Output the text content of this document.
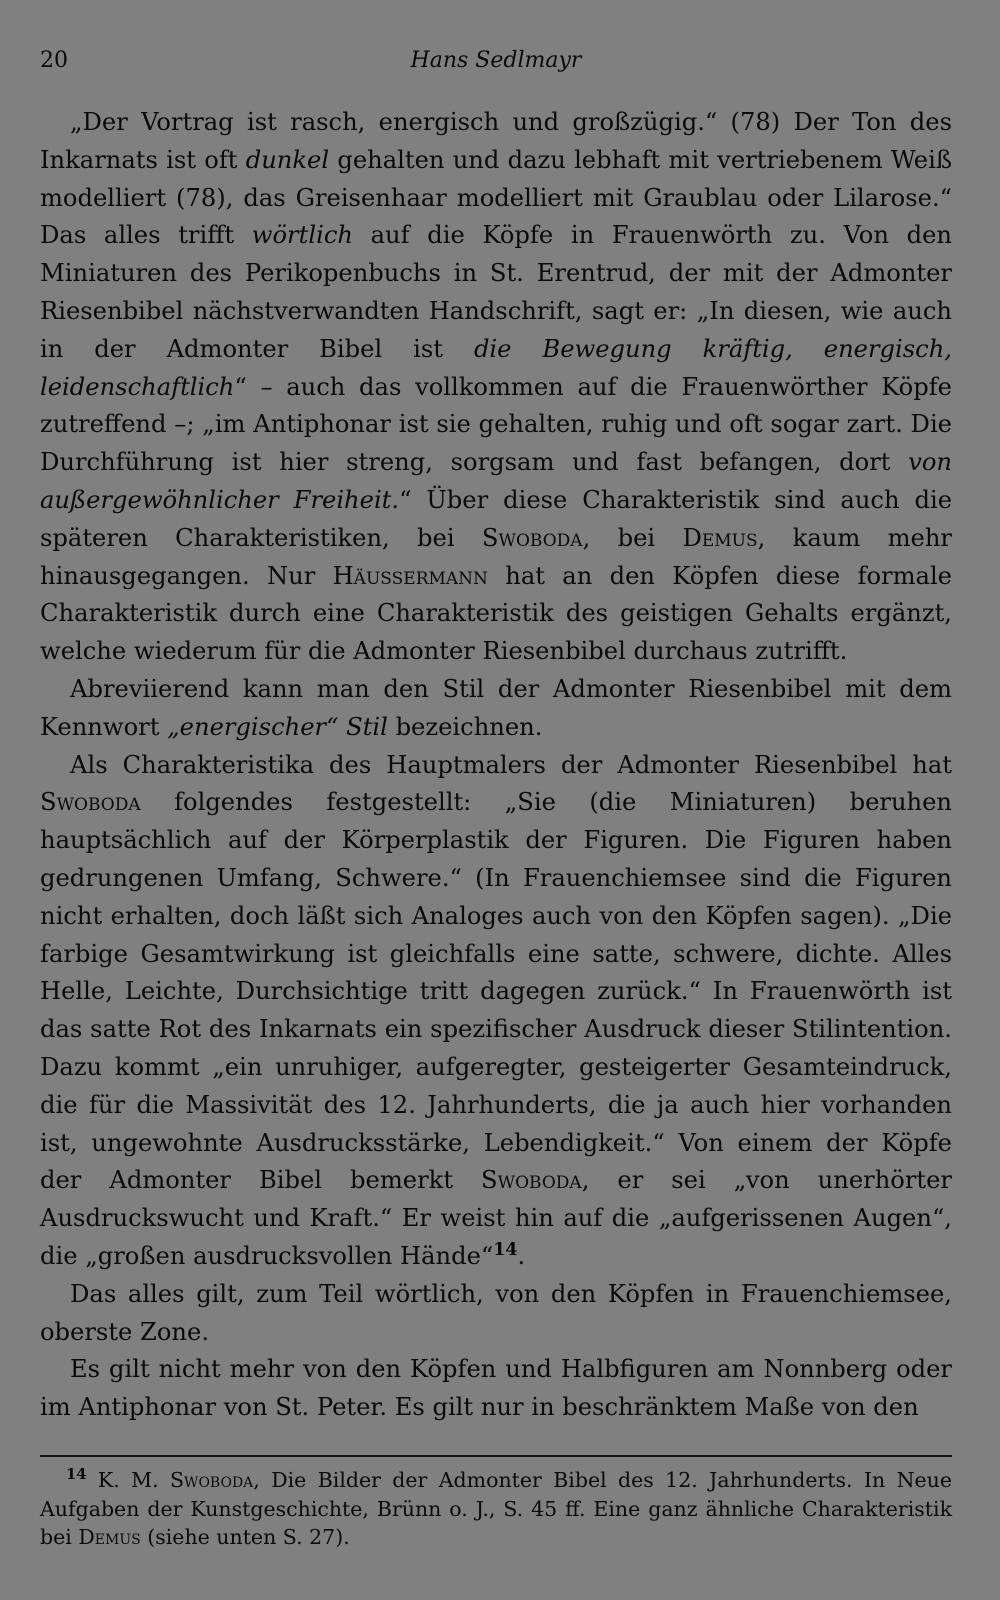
20	Hans Sedlmayr

„Der Vortrag ist rasch, energisch und großzügig.“ (78) Der Ton des Inkarnats ist oft dunkel gehalten und dazu lebhaft mit vertriebenem Weiß modelliert (78), das Greisenhaar modelliert mit Graublau oder Lilarose.“ Das alles trifft wörtlich auf die Köpfe in Frauenwörth zu. Von den Miniaturen des Perikopenbuchs in St. Erentrud, der mit der Admonter Riesenbibel nächstverwandten Handschrift, sagt er: „In diesen, wie auch in der Admonter Bibel ist die Bewegung kräftig, energisch, leidenschaftlich“ – auch das vollkommen auf die Frauenwörther Köpfe zutreffend –; „im Antiphonar ist sie gehalten, ruhig und oft sogar zart. Die Durchführung ist hier streng, sorgsam und fast befangen, dort von außergewöhnlicher Freiheit.“ Über diese Charakteristik sind auch die späteren Charakteristiken, bei Swoboda, bei Demus, kaum mehr hinausgegangen. Nur Häussermann hat an den Köpfen diese formale Charakteristik durch eine Charakteristik des geistigen Gehalts ergänzt, welche wiederum für die Admonter Riesenbibel durchaus zutrifft.

Abreviierend kann man den Stil der Admonter Riesenbibel mit dem Kennwort „energischer“ Stil bezeichnen.

Als Charakteristika des Hauptmalers der Admonter Riesenbibel hat Swoboda folgendes festgestellt: „Sie (die Miniaturen) beruhen hauptsächlich auf der Körperplastik der Figuren. Die Figuren haben gedrungenen Umfang, Schwere.“ (In Frauenchiemsee sind die Figuren nicht erhalten, doch läßt sich Analoges auch von den Köpfen sagen). „Die farbige Gesamtwirkung ist gleichfalls eine satte, schwere, dichte. Alles Helle, Leichte, Durchsichtige tritt dagegen zurück.“ In Frauenwörth ist das satte Rot des Inkarnats ein spezifischer Ausdruck dieser Stilintention. Dazu kommt „ein unruhiger, aufgeregter, gesteigerter Gesamteindruck, die für die Massivität des 12. Jahrhunderts, die ja auch hier vorhanden ist, ungewohnte Ausdrucksstärke, Lebendigkeit.“ Von einem der Köpfe der Admonter Bibel bemerkt Swoboda, er sei „von unerhörter Ausdruckswucht und Kraft.“ Er weist hin auf die „aufgerissenen Augen“, die „großen ausdrucksvollen Hände“$^{14}$.

Das alles gilt, zum Teil wörtlich, von den Köpfen in Frauenchiemsee, oberste Zone.

Es gilt nicht mehr von den Köpfen und Halbfiguren am Nonnberg oder im Antiphonar von St. Peter. Es gilt nur in beschränktem Maße von den

$^{14}$ K. M. Swoboda, Die Bilder der Admonter Bibel des 12. Jahrhunderts. In Neue Aufgaben der Kunstgeschichte, Brünn o. J., S. 45 ff. Eine ganz ähnliche Charakteristik bei Demus (siehe unten S. 27).
